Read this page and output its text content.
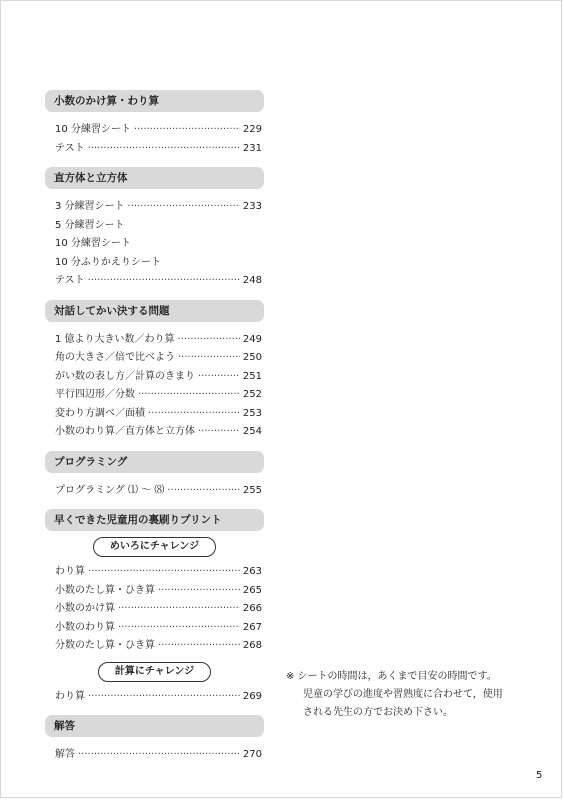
小数のかけ算・わり算
10 分練習シート ·····	229
テスト ·····	231
直方体と立方体
3 分練習シート ·····	233
5 分練習シート
10 分練習シート
10 分ふりかえりシート
テスト ·····	248
対話してかい決する問題
1 億より大きい数／わり算 ·····	249
角の大きさ／倍で比べよう ·····	250
がい数の表し方／計算のきまり ·····	251
平行四辺形／分数 ·····	252
変わり方調べ／面積 ·····	253
小数のわり算／直方体と立方体 ·····	254
プログラミング
プログラミング ⑴ 〜 ⑻ ·····	255
早くできた児童用の裏刷りプリント
めいろにチャレンジ
わり算 ·····	263
小数のたし算・ひき算 ·····	265
小数のかけ算 ·····	266
小数のわり算 ·····	267
分数のたし算・ひき算 ·····	268
計算にチャレンジ
わり算 ·····	269
解答
解答 ·····	270
※ シートの時間は，あくまで目安の時間です。
児童の学びの進度や習熟度に合わせて，使用
される先生の方でお決め下さい。
5
